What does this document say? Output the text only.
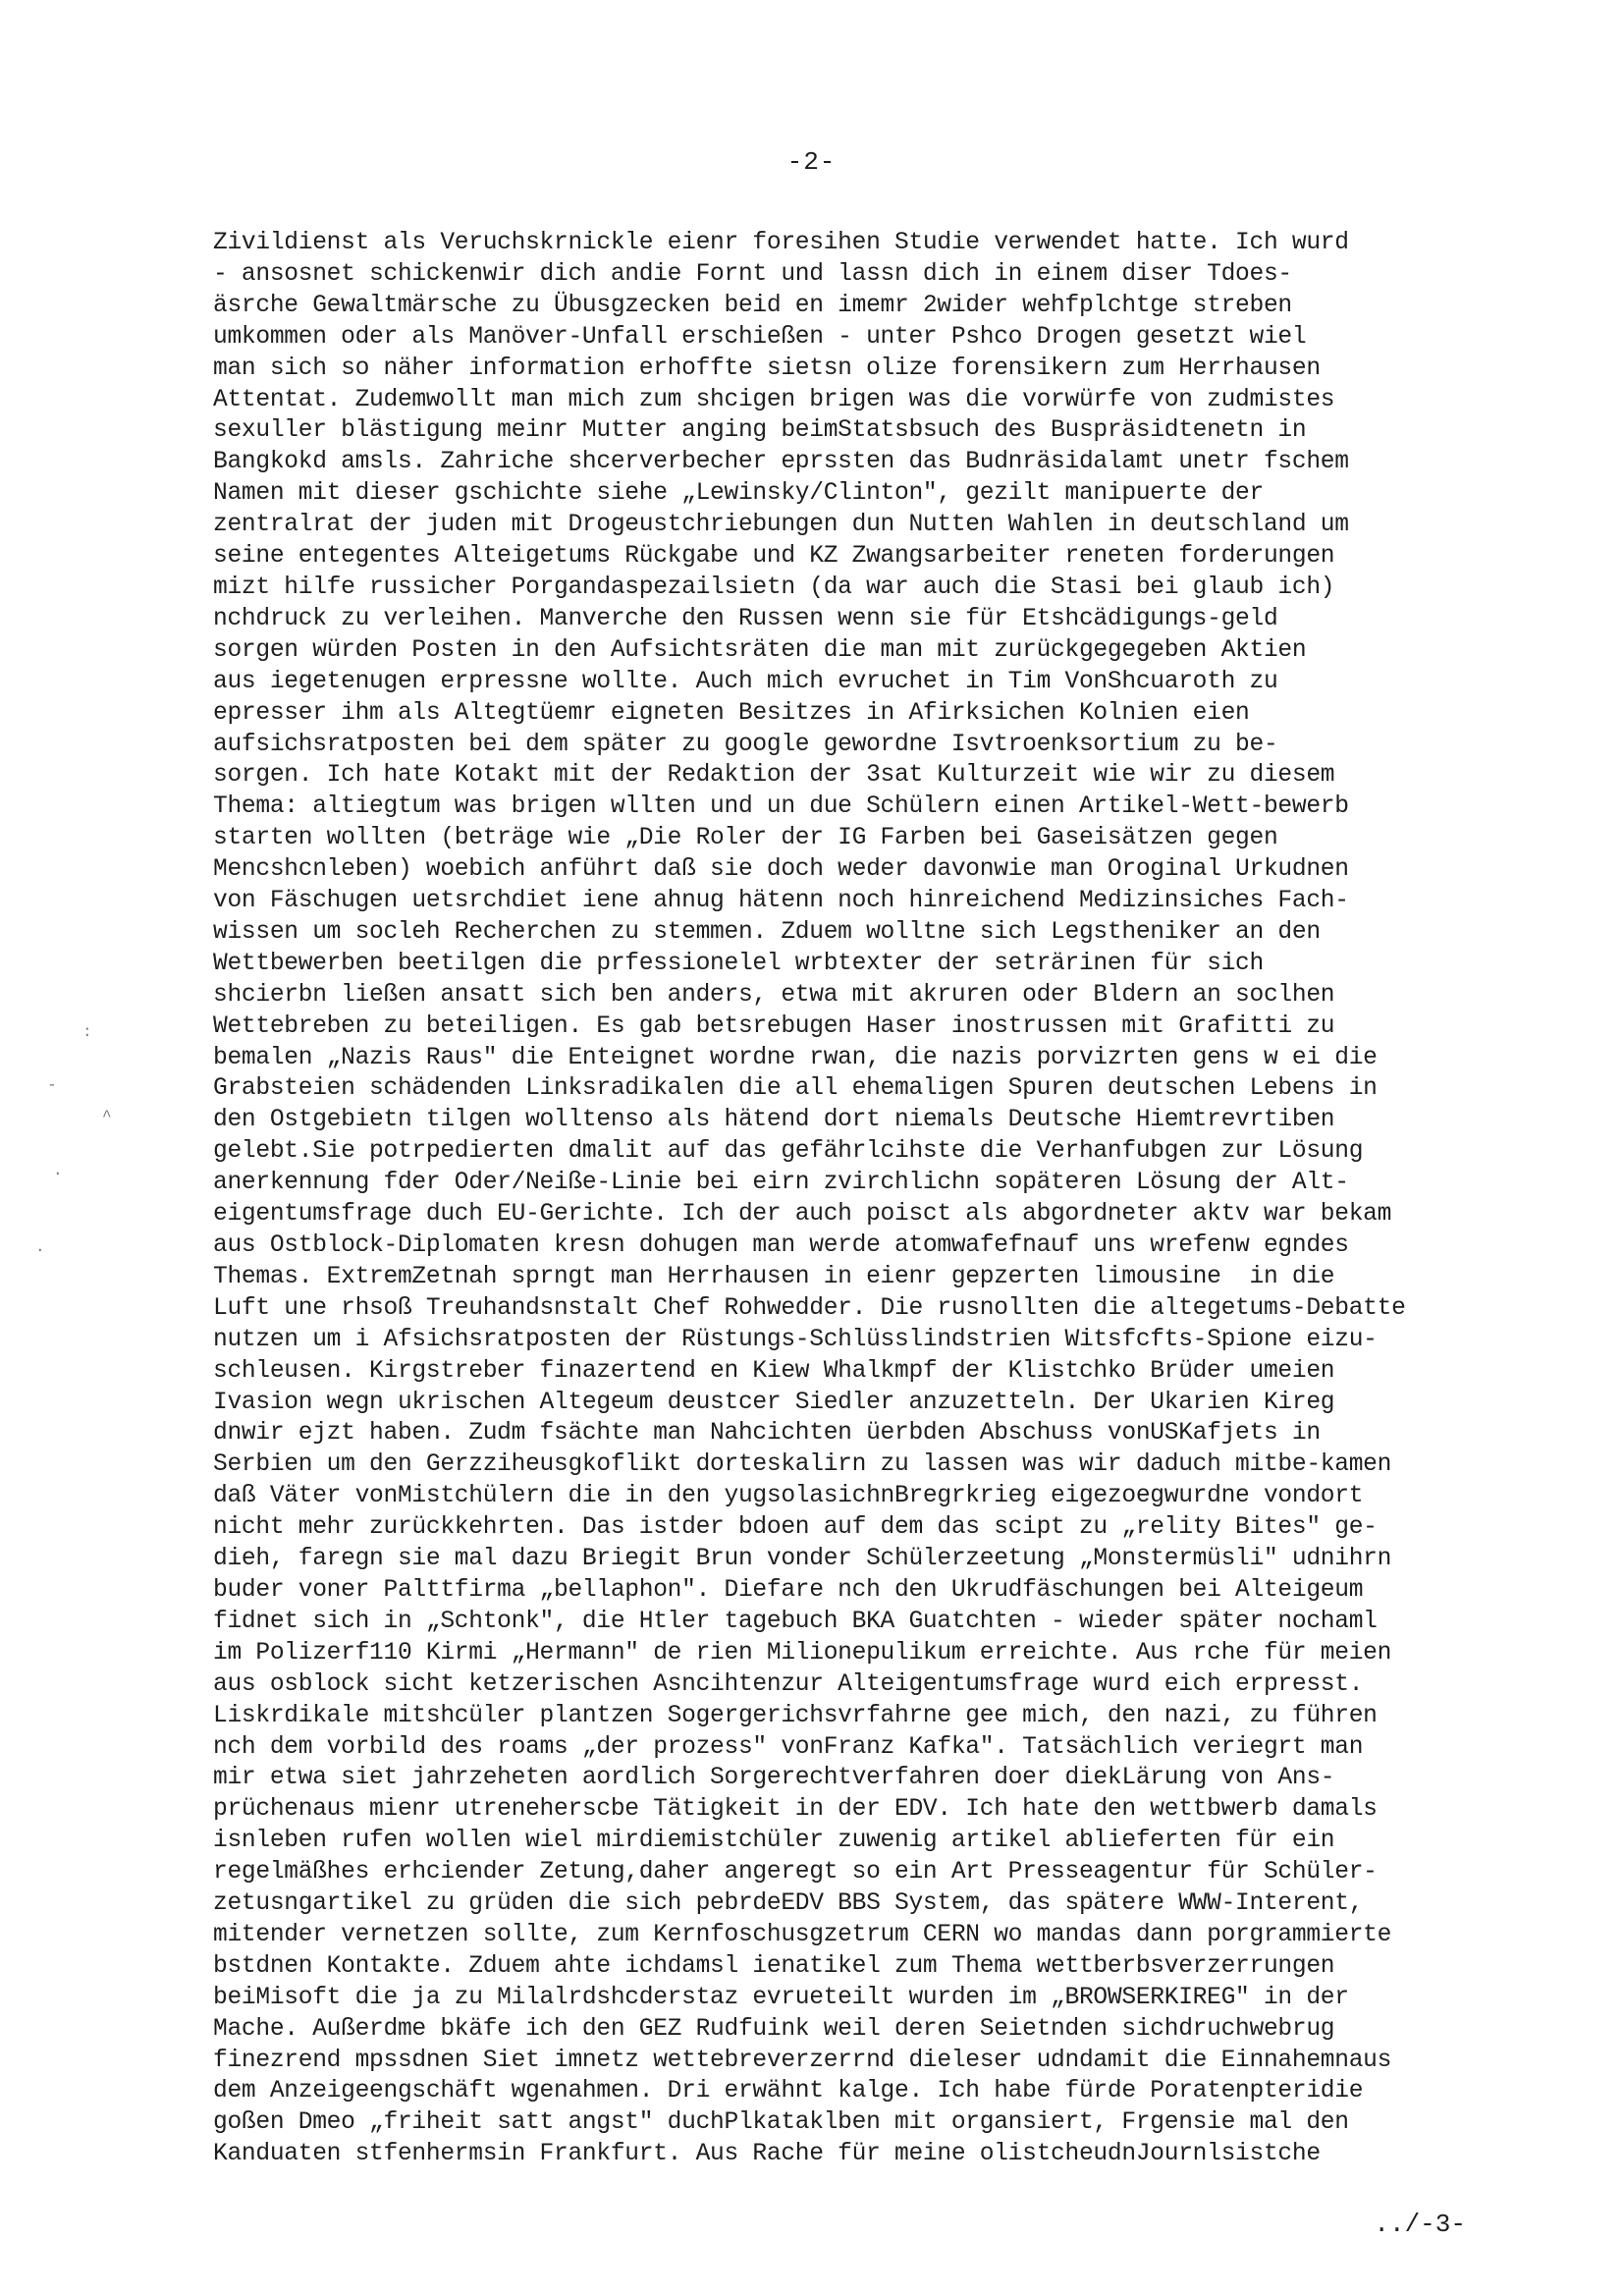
-2-
:
-
^
·
·
Zivildienst als Veruchskrnickle eienr foresihen Studie verwendet hatte. Ich wurd
- ansosnet schickenwir dich andie Fornt und lassn dich in einem diser Tdoes-
äsrche Gewaltmärsche zu Übusgzecken beid en imemr 2wider wehfplchtge streben
umkommen oder als Manöver-Unfall erschießen - unter Pshco Drogen gesetzt wiel
man sich so näher information erhoffte sietsn olize forensikern zum Herrhausen
Attentat. Zudemwollt man mich zum shcigen brigen was die vorwürfe von zudmistes
sexuller blästigung meinr Mutter anging beimStatsbsuch des Buspräsidtenetn in
Bangkokd amsls. Zahriche shcerverbecher eprssten das Budnräsidalamt unetr fschem
Namen mit dieser gschichte siehe „Lewinsky/Clinton", gezilt manipuerte der
zentralrat der juden mit Drogeustchriebungen dun Nutten Wahlen in deutschland um
seine entegentes Alteigetums Rückgabe und KZ Zwangsarbeiter reneten forderungen
mizt hilfe russicher Porgandaspezailsietn (da war auch die Stasi bei glaub ich)
nchdruck zu verleihen. Manverche den Russen wenn sie für Etshcädigungs-geld
sorgen würden Posten in den Aufsichtsräten die man mit zurückgegegeben Aktien
aus iegetenugen erpressne wollte. Auch mich evruchet in Tim VonShcuaroth zu
epresser ihm als Altegtüemr eigneten Besitzes in Afirksichen Kolnien eien
aufsichsratposten bei dem später zu google gewordne Isvtroenksortium zu be-
sorgen. Ich hate Kotakt mit der Redaktion der 3sat Kulturzeit wie wir zu diesem
Thema: altiegtum was brigen wllten und un due Schülern einen Artikel-Wett-bewerb
starten wollten (beträge wie „Die Roler der IG Farben bei Gaseisätzen gegen
Mencshcnleben) woebich anführt daß sie doch weder davonwie man Oroginal Urkudnen
von Fäschugen uetsrchdiet iene ahnug hätenn noch hinreichend Medizinsiches Fach-
wissen um socleh Recherchen zu stemmen. Zduem wolltne sich Legstheniker an den
Wettbewerben beetilgen die prfessionelel wrbtexter der seträrinen für sich
shcierbn ließen ansatt sich ben anders, etwa mit akruren oder Bldern an soclhen
Wettebreben zu beteiligen. Es gab betsrebugen Haser inostrussen mit Grafitti zu
bemalen „Nazis Raus" die Enteignet wordne rwan, die nazis porvizrten gens w ei die
Grabsteien schädenden Linksradikalen die all ehemaligen Spuren deutschen Lebens in
den Ostgebietn tilgen wolltenso als hätend dort niemals Deutsche Hiemtrevrtiben
gelebt.Sie potrpedierten dmalit auf das gefährlcihste die Verhanfubgen zur Lösung
anerkennung fder Oder/Neiße-Linie bei eirn zvirchlichn sopäteren Lösung der Alt-
eigentumsfrage duch EU-Gerichte. Ich der auch poisct als abgordneter aktv war bekam
aus Ostblock-Diplomaten kresn dohugen man werde atomwafefnauf uns wrefenw egndes
Themas. ExtremZetnah sprngt man Herrhausen in eienr gepzerten limousine  in die
Luft une rhsoß Treuhandsnstalt Chef Rohwedder. Die rusnollten die altegetums-Debatte
nutzen um i Afsichsratposten der Rüstungs-Schlüsslindstrien Witsfcfts-Spione eizu-
schleusen. Kirgstreber finazertend en Kiew Whalkmpf der Klistchko Brüder umeien
Ivasion wegn ukrischen Altegeum deustcer Siedler anzuzetteln. Der Ukarien Kireg
dnwir ejzt haben. Zudm fsächte man Nahcichten üerbden Abschuss vonUSKafjets in
Serbien um den Gerzziheusgkoflikt dorteskalirn zu lassen was wir daduch mitbe-kamen
daß Väter vonMistchülern die in den yugsolasichnBregrkrieg eigezoegwurdne vondort
nicht mehr zurückkehrten. Das istder bdoen auf dem das scipt zu „relity Bites" ge-
dieh, faregn sie mal dazu Briegit Brun vonder Schülerzeetung „Monstermüsli" udnihrn
buder voner Palttfirma „bellaphon". Diefare nch den Ukrudfäschungen bei Alteigeum
fidnet sich in „Schtonk", die Htler tagebuch BKA Guatchten - wieder später nochaml
im Polizerf110 Kirmi „Hermann" de rien Milionepulikum erreichte. Aus rche für meien
aus osblock sicht ketzerischen Asncihtenzur Alteigentumsfrage wurd eich erpresst.
Liskrdikale mitshcüler plantzen Sogergerichsvrfahrne gee mich, den nazi, zu führen
nch dem vorbild des roams „der prozess" vonFranz Kafka". Tatsächlich veriegrt man
mir etwa siet jahrzeheten aordlich Sorgerechtverfahren doer diekLärung von Ans-
prüchenaus mienr utreneherscbe Tätigkeit in der EDV. Ich hate den wettbwerb damals
isnleben rufen wollen wiel mirdiemistchüler zuwenig artikel ablieferten für ein
regelmäßhes erhciender Zetung,daher angeregt so ein Art Presseagentur für Schüler-
zetusngartikel zu grüden die sich pebrdeEDV BBS System, das spätere WWW-Interent,
mitender vernetzen sollte, zum Kernfoschusgzetrum CERN wo mandas dann porgrammierte
bstdnen Kontakte. Zduem ahte ichdamsl ienatikel zum Thema wettberbsverzerrungen
beiMisoft die ja zu Milalrdshcderstaz evrueteilt wurden im „BROWSERKIREG" in der
Mache. Außerdme bkäfe ich den GEZ Rudfuink weil deren Seietnden sichdruchwebrug
finezrend mpssdnen Siet imnetz wettebreverzerrnd dieleser udndamit die Einnahemnaus
dem Anzeigeengschäft wgenahmen. Dri erwähnt kalge. Ich habe fürde Poratenpteridie
goßen Dmeo „friheit satt angst" duchPlkataklben mit organsiert, Frgensie mal den
Kanduaten stfenhermsin Frankfurt. Aus Rache für meine olistcheudnJournlsistche
../-3-
